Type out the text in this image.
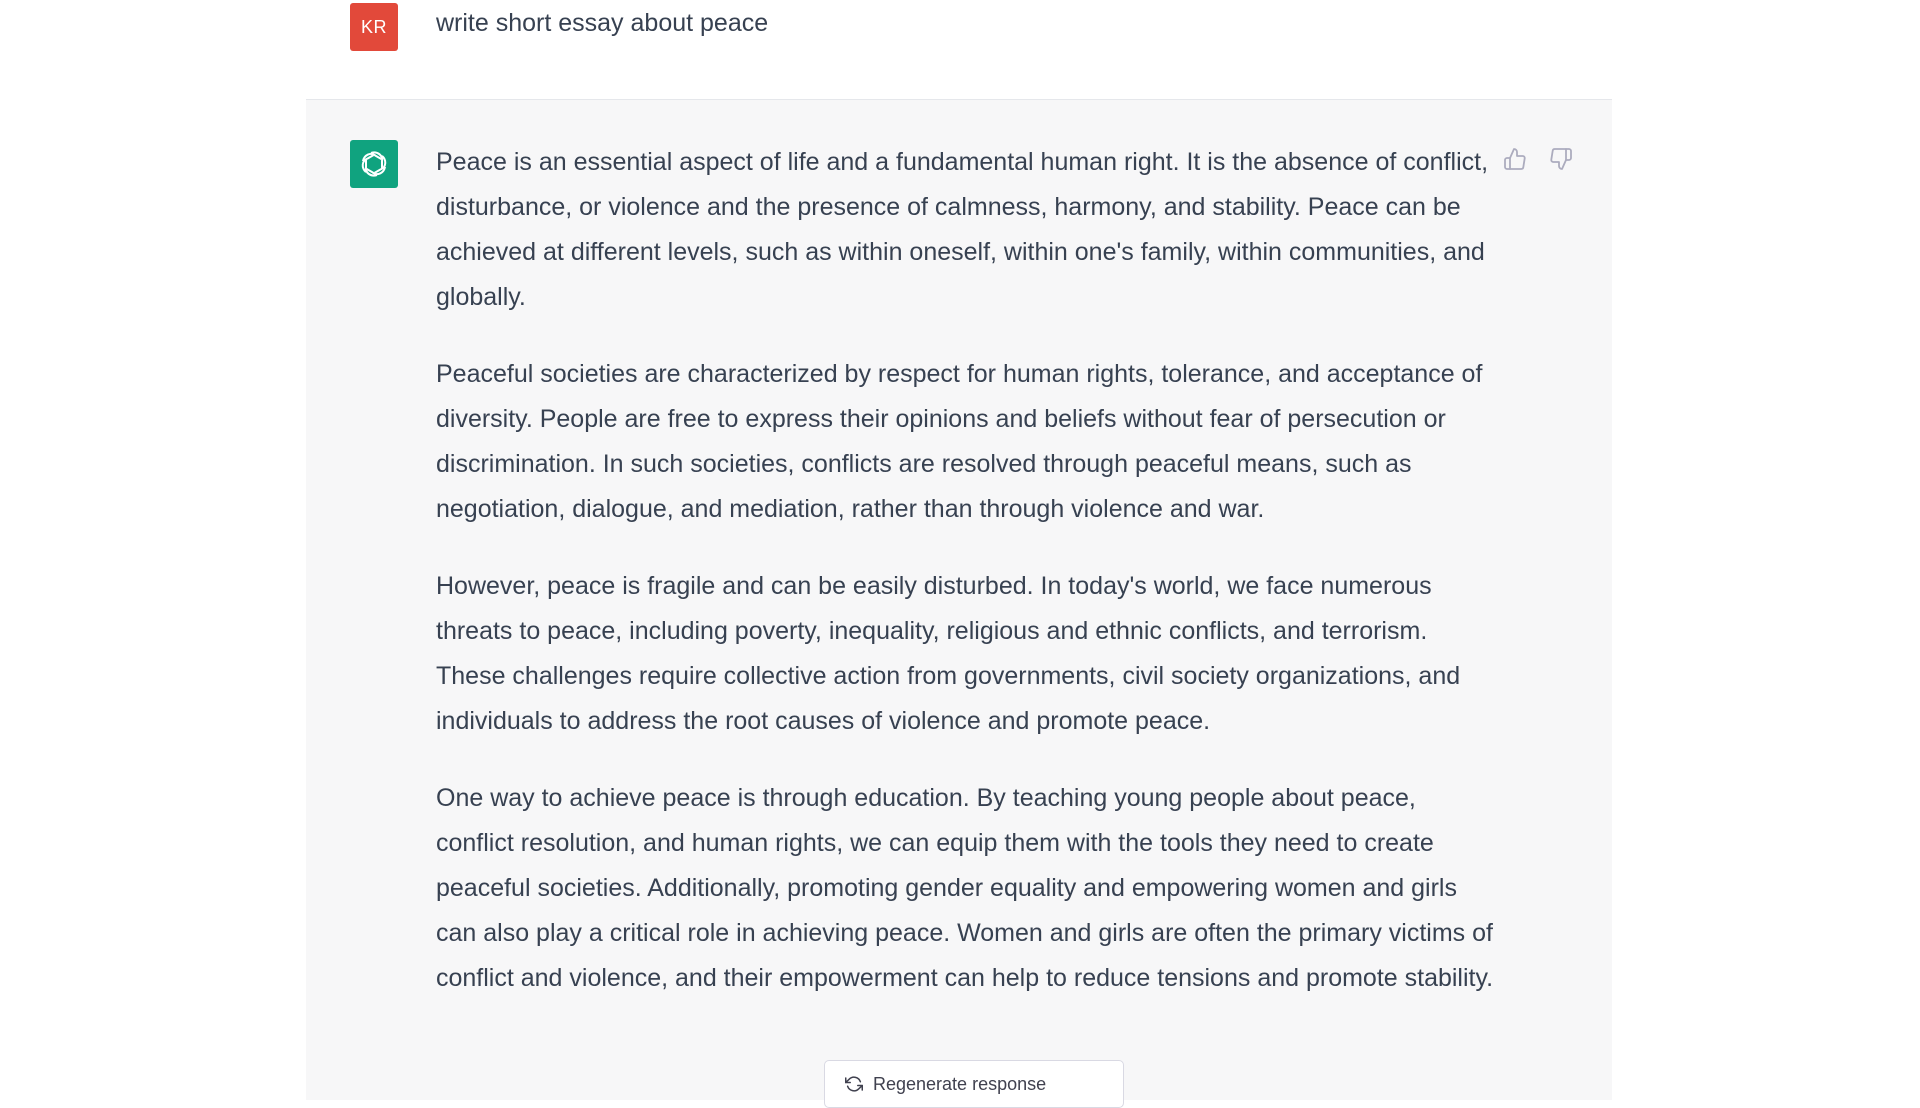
KR	write short essay about peace

Peace is an essential aspect of life and a fundamental human right. It is the absence of conflict, disturbance, or violence and the presence of calmness, harmony, and stability. Peace can be achieved at different levels, such as within oneself, within one's family, within communities, and globally.

Peaceful societies are characterized by respect for human rights, tolerance, and acceptance of diversity. People are free to express their opinions and beliefs without fear of persecution or discrimination. In such societies, conflicts are resolved through peaceful means, such as negotiation, dialogue, and mediation, rather than through violence and war.

However, peace is fragile and can be easily disturbed. In today's world, we face numerous threats to peace, including poverty, inequality, religious and ethnic conflicts, and terrorism. These challenges require collective action from governments, civil society organizations, and individuals to address the root causes of violence and promote peace.

One way to achieve peace is through education. By teaching young people about peace, conflict resolution, and human rights, we can equip them with the tools they need to create peaceful societies. Additionally, promoting gender equality and empowering women and girls can also play a critical role in achieving peace. Women and girls are often the primary victims of conflict and violence, and their empowerment can help to reduce tensions and promote stability.

Regenerate response
